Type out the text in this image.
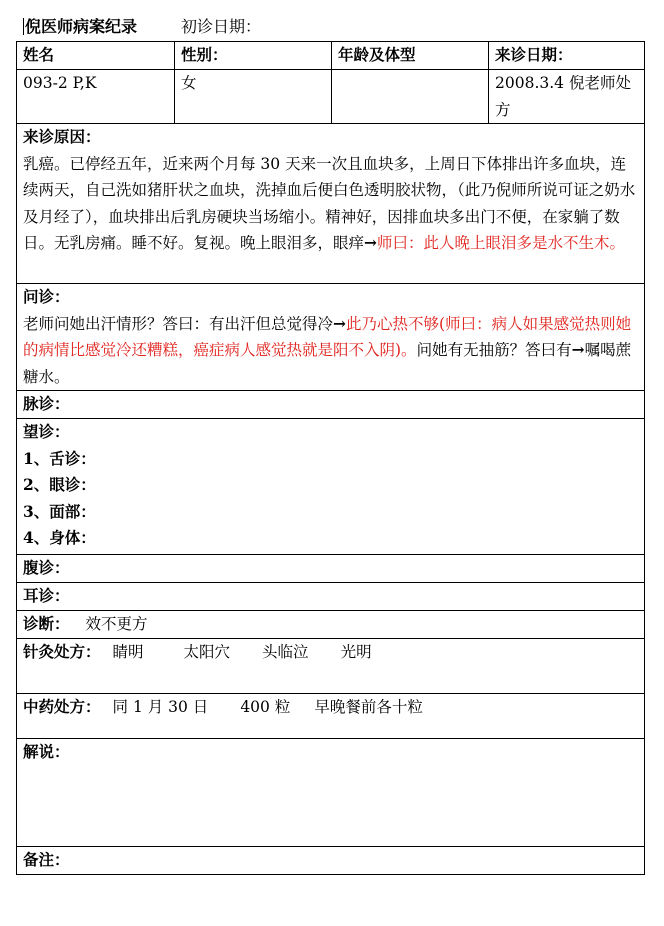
倪医师病案纪录	初诊日期：
姓名	性别：	年龄及体型	来诊日期：
093-2 P,K	女		2008.3.4 倪老师处方

来诊原因：
乳癌。已停经五年，近来两个月每 30 天来一次且血块多，上周日下体排出许多血块，连续两天，自己洗如猪肝状之血块，洗掉血后便白色透明胶状物，（此乃倪师所说可证之奶水及月经了），血块排出后乳房硬块当场缩小。精神好，因排血块多出门不便，在家躺了数日。无乳房痛。睡不好。复视。晚上眼泪多，眼痒→师曰：此人晚上眼泪多是水不生木。			

问诊：
老师问她出汗情形？答曰：有出汗但总觉得冷→此乃心热不够(师曰：病人如果感觉热则她的病情比感觉冷还糟糕，癌症病人感觉热就是阳不入阴)。问她有无抽筋？答曰有→嘱喝蔗糖水。			

脉诊：			

望诊：
1、舌诊：
2、眼诊：
3、面部：
4、身体：			

腹诊：			
耳诊：			
诊断： 效不更方			
针灸处方： 睛明 太阳穴 头临泣 光明			
中药处方： 同 1 月 30 日 400 粒 早晚餐前各十粒			
解说：			
备注：			
